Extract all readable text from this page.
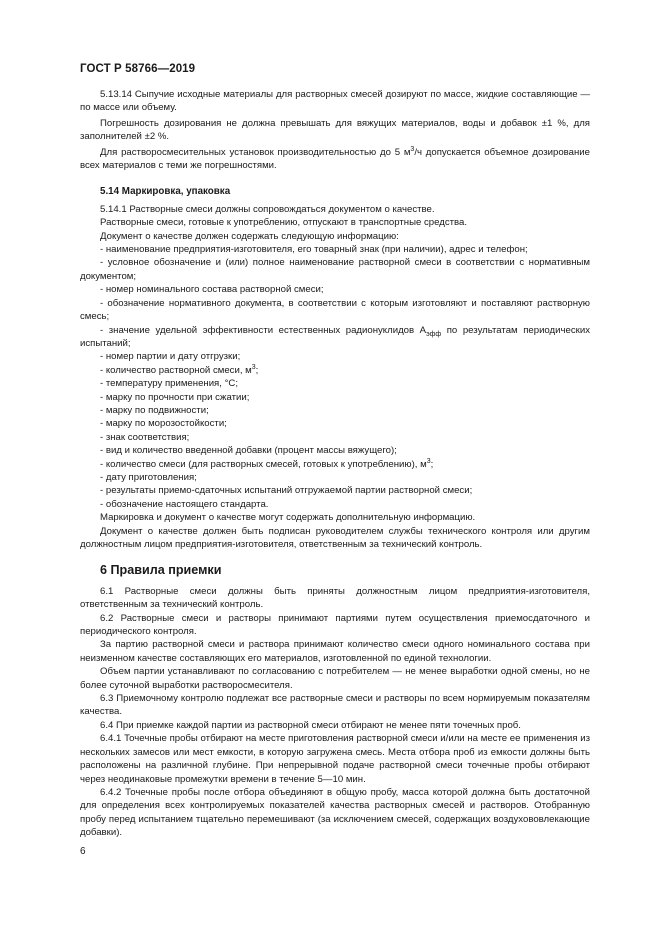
ГОСТ Р 58766—2019

5.13.14 Сыпучие исходные материалы для растворных смесей дозируют по массе, жидкие составляющие — по массе или объему.

Погрешность дозирования не должна превышать для вяжущих материалов, воды и добавок ±1 %, для заполнителей ±2 %.

Для растворосмесительных установок производительностью до 5 $м^3/ч$ допускается объемное дозирование всех материалов с теми же погрешностями.

5.14 Маркировка, упаковка

5.14.1 Растворные смеси должны сопровождаться документом о качестве.

Растворные смеси, готовые к употреблению, отпускают в транспортные средства.

Документ о качестве должен содержать следующую информацию:

- наименование предприятия-изготовителя, его товарный знак (при наличии), адрес и телефон;

- условное обозначение и (или) полное наименование растворной смеси в соответствии с нормативным документом;

- номер номинального состава растворной смеси;

- обозначение нормативного документа, в соответствии с которым изготовляют и поставляют растворную смесь;

- значение удельной эффективности естественных радионуклидов $А_{эфф}$ по результатам периодических испытаний;

- номер партии и дату отгрузки;

- количество растворной смеси, $м^3$;

- температуру применения, °С;

- марку по прочности при сжатии;

- марку по подвижности;

- марку по морозостойкости;

- знак соответствия;

- вид и количество введенной добавки (процент массы вяжущего);

- количество смеси (для растворных смесей, готовых к употреблению), $м^3$;

- дату приготовления;

- результаты приемо-сдаточных испытаний отгружаемой партии растворной смеси;

- обозначение настоящего стандарта.

Маркировка и документ о качестве могут содержать дополнительную информацию.

Документ о качестве должен быть подписан руководителем службы технического контроля или другим должностным лицом предприятия-изготовителя, ответственным за технический контроль.

6 Правила приемки

6.1 Растворные смеси должны быть приняты должностным лицом предприятия-изготовителя, ответственным за технический контроль.

6.2 Растворные смеси и растворы принимают партиями путем осуществления приемосдаточного и периодического контроля.

За партию растворной смеси и раствора принимают количество смеси одного номинального состава при неизменном качестве составляющих его материалов, изготовленной по единой технологии.

Объем партии устанавливают по согласованию с потребителем — не менее выработки одной смены, но не более суточной выработки растворосмесителя.

6.3 Приемочному контролю подлежат все растворные смеси и растворы по всем нормируемым показателям качества.

6.4 При приемке каждой партии из растворной смеси отбирают не менее пяти точечных проб.

6.4.1 Точечные пробы отбирают на месте приготовления растворной смеси и/или на месте ее применения из нескольких замесов или мест емкости, в которую загружена смесь. Места отбора проб из емкости должны быть расположены на различной глубине. При непрерывной подаче растворной смеси точечные пробы отбирают через неодинаковые промежутки времени в течение 5—10 мин.

6.4.2 Точечные пробы после отбора объединяют в общую пробу, масса которой должна быть достаточной для определения всех контролируемых показателей качества растворных смесей и растворов. Отобранную пробу перед испытанием тщательно перемешивают (за исключением смесей, содержащих воздухововлекающие добавки).

6
